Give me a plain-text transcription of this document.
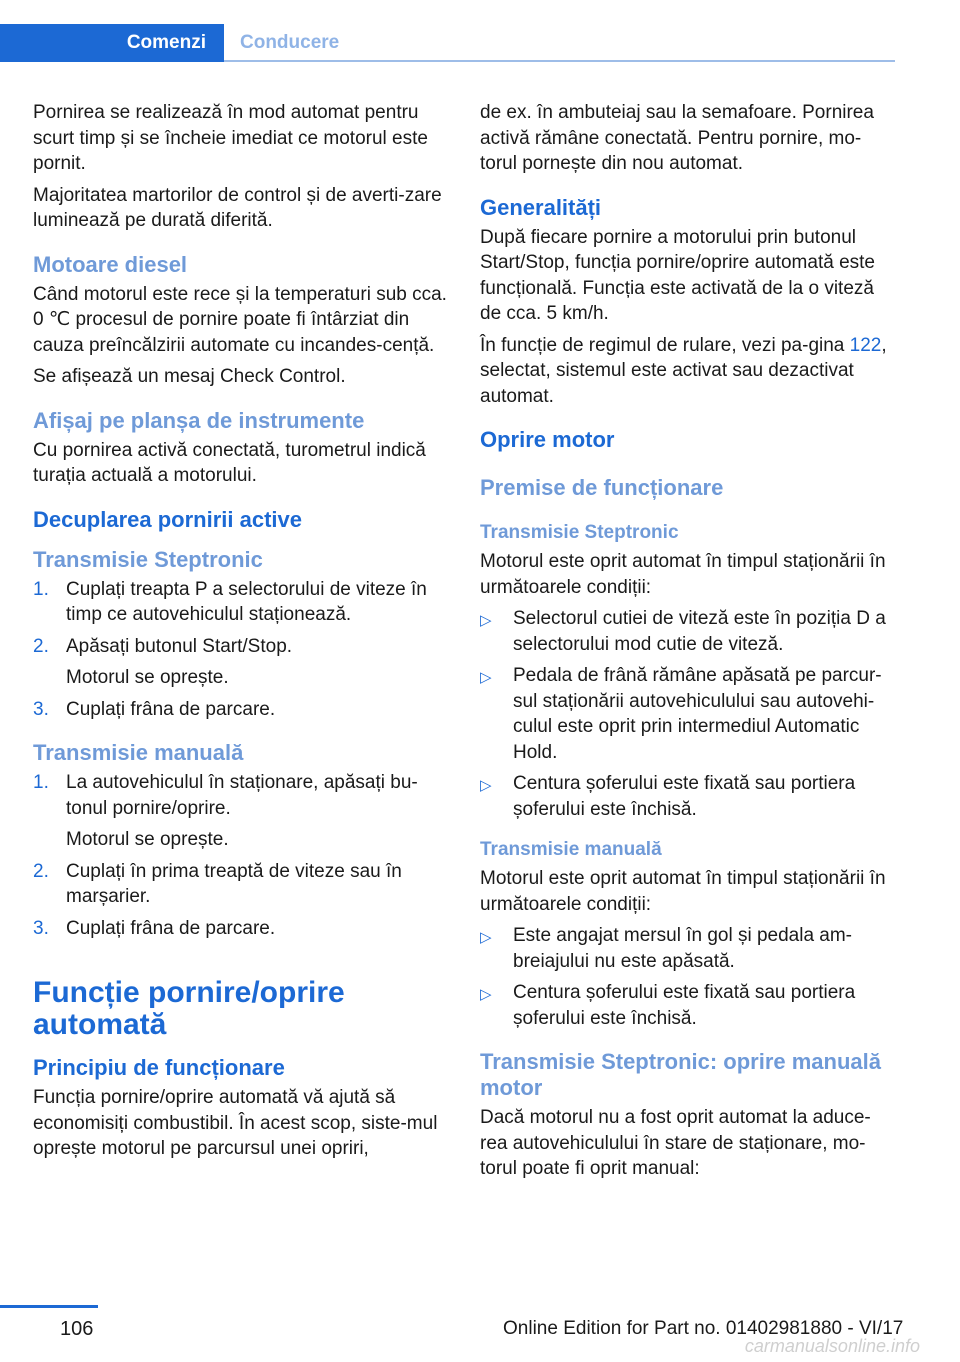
Comenzi	Conducere

Pornirea se realizează în mod automat pentru scurt timp și se încheie imediat ce motorul este pornit.

Majoritatea martorilor de control și de averti‐zare luminează pe durată diferită.

Motoare diesel

Când motorul este rece și la temperaturi sub cca. 0 ℃ procesul de pornire poate fi întârziat din cauza preîncălzirii automate cu incandes‐cență.

Se afișează un mesaj Check Control.

Afișaj pe planșa de instrumente

Cu pornirea activă conectată, turometrul indică turația actuală a motorului.

Decuplarea pornirii active
Transmisie Steptronic
1. Cuplați treapta P a selectorului de viteze în timp ce autovehiculul staționează.
2. Apăsați butonul Start/Stop.
Motorul se oprește.
3. Cuplați frâna de parcare.
Transmisie manuală
1. La autovehiculul în staționare, apăsați bu‐tonul pornire/oprire.
Motorul se oprește.
2. Cuplați în prima treaptă de viteze sau în marșarier.
3. Cuplați frâna de parcare.
Funcție pornire/oprire automată
Principiu de funcționare

Funcția pornire/oprire automată vă ajută să economisiți combustibil. În acest scop, siste‐mul oprește motorul pe parcursul unei opriri,

de ex. în ambuteiaj sau la semafoare. Pornirea activă rămâne conectată. Pentru pornire, mo‐torul pornește din nou automat.

Generalități

După fiecare pornire a motorului prin butonul Start/Stop, funcția pornire/oprire automată este funcțională. Funcția este activată de la o viteză de cca. 5 km/h.

În funcție de regimul de rulare, vezi pa‐gina 122, selectat, sistemul este activat sau dezactivat automat.

Oprire motor
Premise de funcționare
Transmisie Steptronic

Motorul este oprit automat în timpul staționării în următoarele condiții:

▷	Selectorul cutiei de viteză este în poziția D a selectorului mod cutie de viteză.
▷	Pedala de frână rămâne apăsată pe parcur‐sul staționării autovehiculului sau autovehi‐culul este oprit prin intermediul Automatic Hold.
▷	Centura șoferului este fixată sau portiera șoferului este închisă.
Transmisie manuală

Motorul este oprit automat în timpul staționării în următoarele condiții:

▷	Este angajat mersul în gol și pedala am‐breiajului nu este apăsată.
▷	Centura șoferului este fixată sau portiera șoferului este închisă.
Transmisie Steptronic: oprire manuală motor

Dacă motorul nu a fost oprit automat la aduce‐rea autovehiculului în stare de staționare, mo‐torul poate fi oprit manual:

106	Online Edition for Part no. 01402981880 - VI/17
carmanualsonline.info
